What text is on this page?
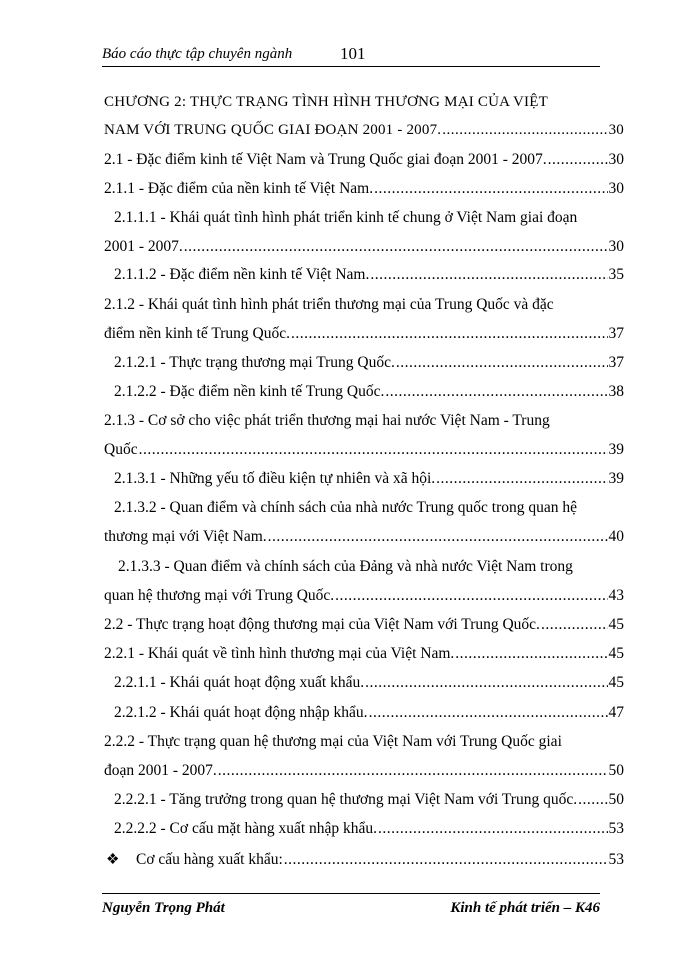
Báo cáo thực tập chuyên ngành	101
CHƯƠNG 2: THỰC TRẠNG TÌNH HÌNH THƯƠNG MẠI CỦA VIỆT
NAM VỚI TRUNG QUỐC GIAI ĐOẠN 2001 - 2007. .....	30
2.1 - Đặc điểm kinh tế Việt Nam và Trung Quốc giai đoạn 2001 - 2007. .....	30
2.1.1 - Đặc điểm của nền kinh tế Việt Nam. .....	30
2.1.1.1 - Khái quát tình hình phát triển kinh tế chung ở Việt Nam giai đoạn
2001 - 2007. .....	30
2.1.1.2 - Đặc điểm nền kinh tế Việt Nam. .....	35
2.1.2 - Khái quát tình hình phát triển thương mại của Trung Quốc và đặc
điểm nền kinh tế Trung Quốc. .....	37
2.1.2.1 - Thực trạng thương mại Trung Quốc. .....	37
2.1.2.2 - Đặc điểm nền kinh tế Trung Quốc. .....	38
2.1.3 - Cơ sở cho việc phát triển thương mại hai nước Việt Nam - Trung
Quốc .....	39
2.1.3.1 - Những yếu tố điều kiện tự nhiên và xã hội. .....	39
2.1.3.2 - Quan điểm và chính sách của nhà nước Trung quốc trong quan hệ
thương mại với Việt Nam. .....	40
2.1.3.3 - Quan điểm và chính sách của Đảng và nhà nước Việt Nam trong
quan hệ thương mại với Trung Quốc. .....	43
2.2 - Thực trạng hoạt động thương mại của Việt Nam với Trung Quốc. .....	45
2.2.1 - Khái quát về tình hình thương mại của Việt Nam. .....	45
2.2.1.1 - Khái quát hoạt động xuất khẩu. .....	45
2.2.1.2 - Khái quát hoạt động nhập khẩu. .....	47
2.2.2 - Thực trạng quan hệ thương mại của Việt Nam với Trung Quốc giai
đoạn 2001 - 2007. .....	50
2.2.2.1 - Tăng trưởng trong quan hệ thương mại Việt Nam với Trung quốc. ..... 50
2.2.2.2 - Cơ cấu mặt hàng xuất nhập khẩu. .....	53
❖ Cơ cấu hàng xuất khẩu: .....	53
Nguyễn Trọng Phát	Kinh tế phát triển – K46
